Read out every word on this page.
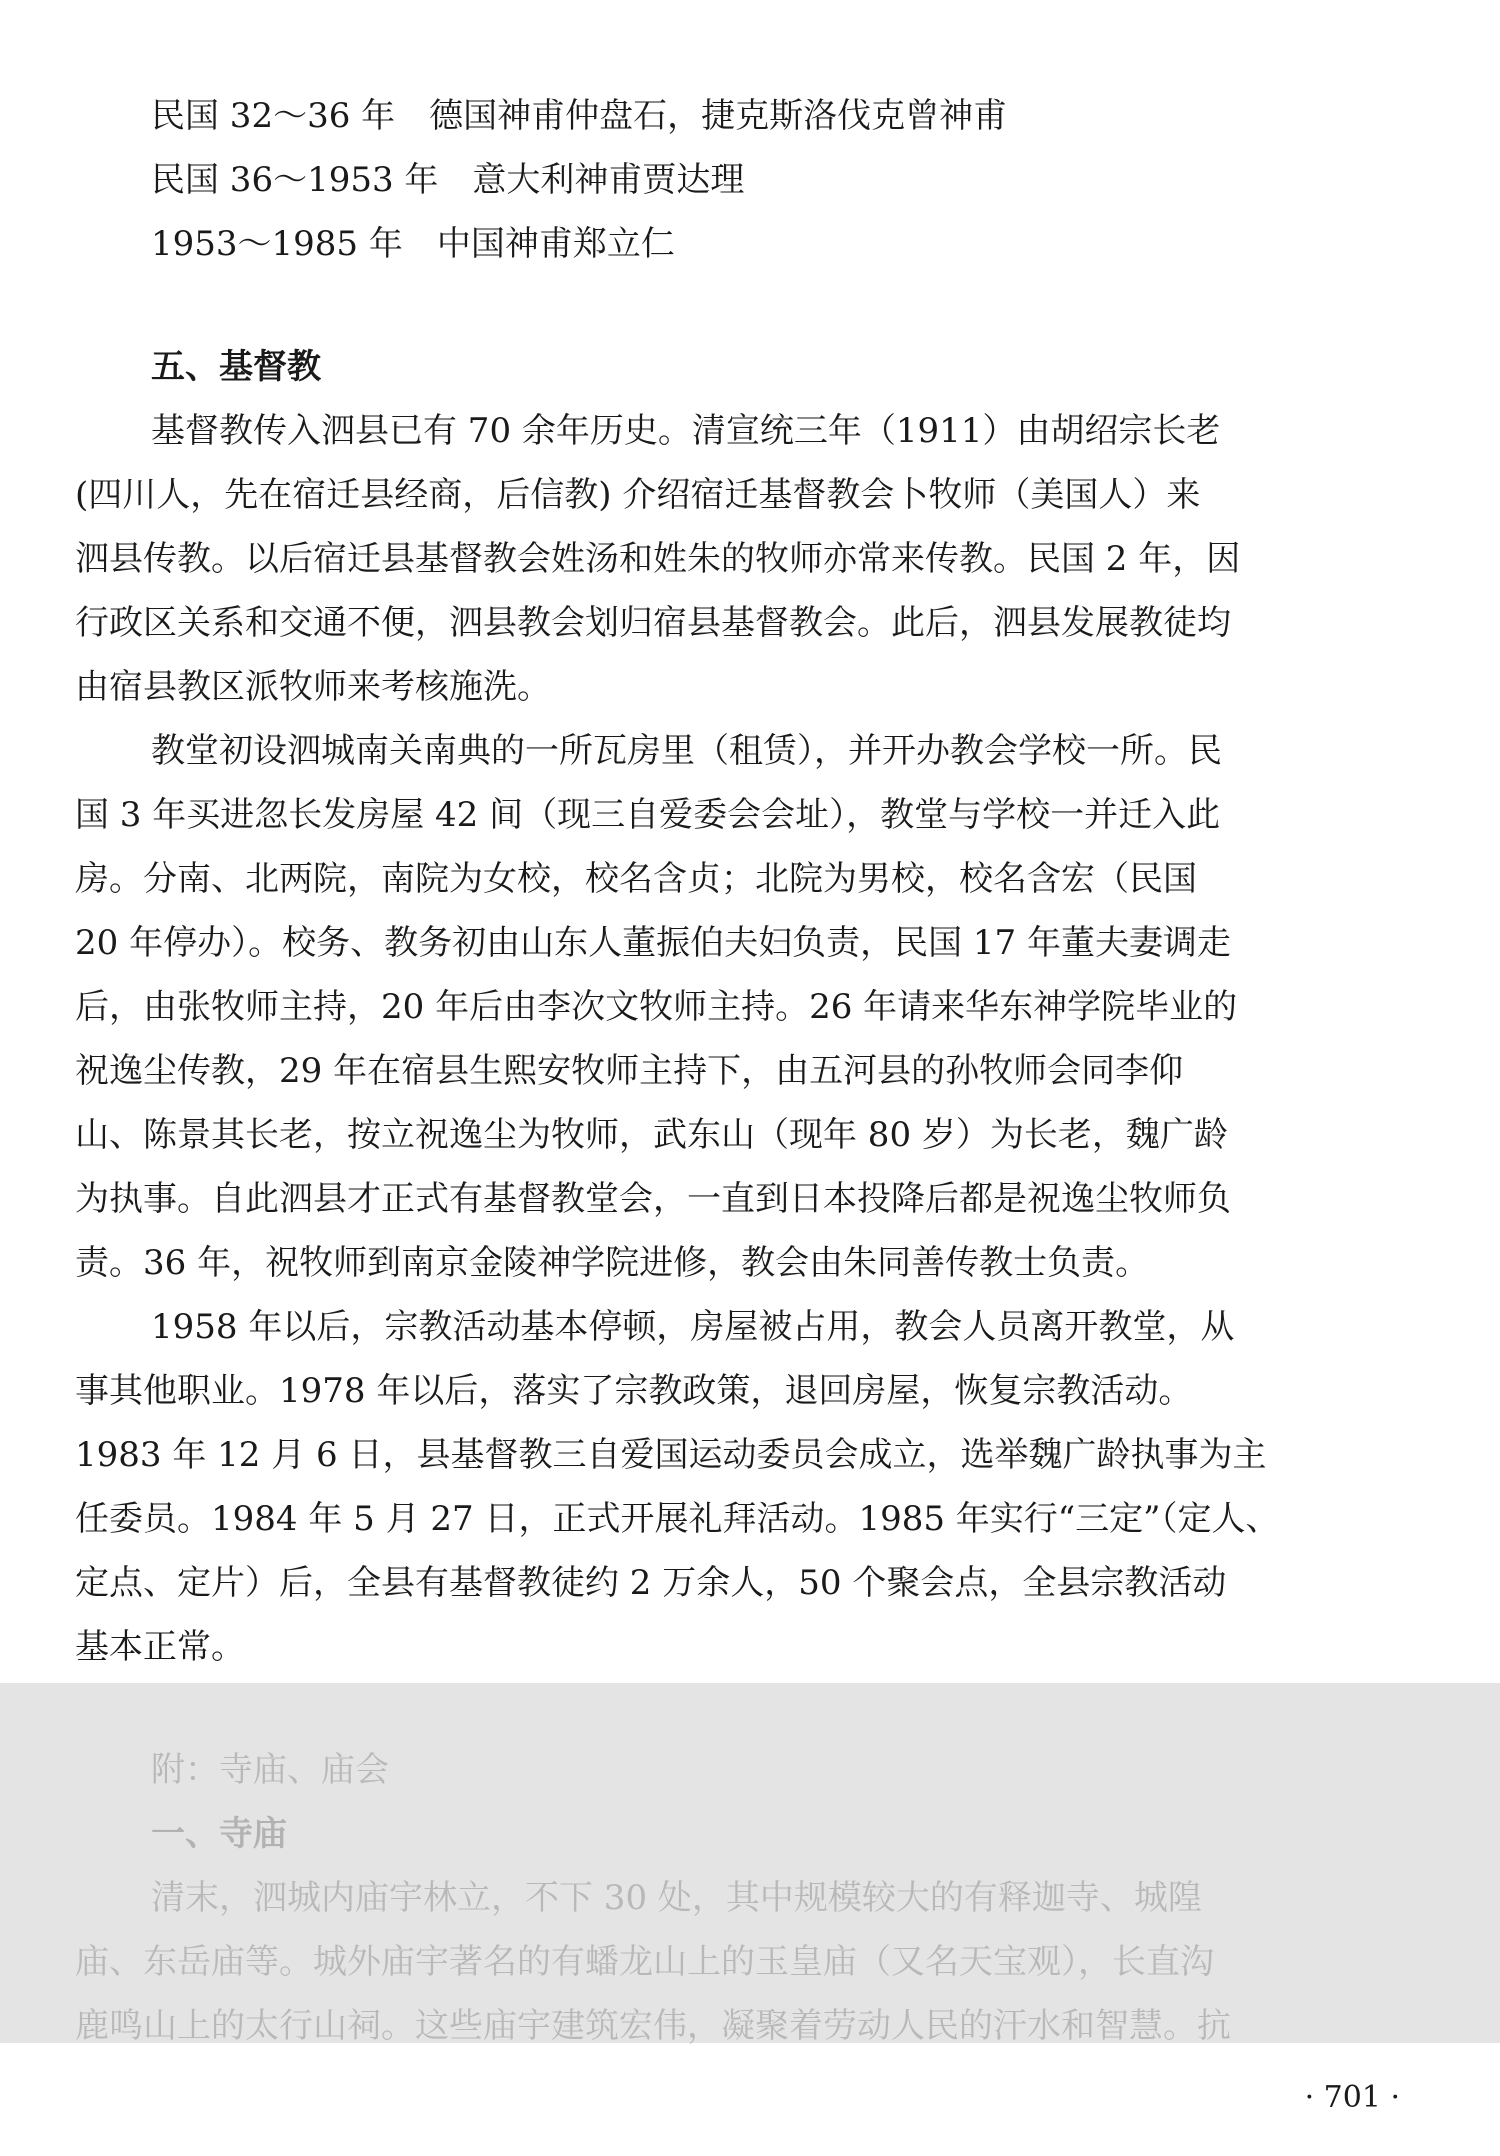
民国 32～36 年　德国神甫仲盘石，捷克斯洛伐克曾神甫
民国 36～1953 年　意大利神甫贾达理
1953～1985 年　中国神甫郑立仁
五、基督教
基督教传入泗县已有 70 余年历史。清宣统三年（1911）由胡绍宗长老
(四川人，先在宿迁县经商，后信教) 介绍宿迁基督教会卜牧师（美国人）来
泗县传教。以后宿迁县基督教会姓汤和姓朱的牧师亦常来传教。民国 2 年，因
行政区关系和交通不便，泗县教会划归宿县基督教会。此后，泗县发展教徒均
由宿县教区派牧师来考核施洗。
教堂初设泗城南关南典的一所瓦房里（租赁），并开办教会学校一所。民
国 3 年买进忽长发房屋 42 间（现三自爱委会会址），教堂与学校一并迁入此
房。分南、北两院，南院为女校，校名含贞；北院为男校，校名含宏（民国
20 年停办）。校务、教务初由山东人董振伯夫妇负责，民国 17 年董夫妻调走
后，由张牧师主持，20 年后由李次文牧师主持。26 年请来华东神学院毕业的
祝逸尘传教，29 年在宿县生熙安牧师主持下，由五河县的孙牧师会同李仰
山、陈景其长老，按立祝逸尘为牧师，武东山（现年 80 岁）为长老，魏广龄
为执事。自此泗县才正式有基督教堂会，一直到日本投降后都是祝逸尘牧师负
责。36 年，祝牧师到南京金陵神学院进修，教会由朱同善传教士负责。
1958 年以后，宗教活动基本停顿，房屋被占用，教会人员离开教堂，从
事其他职业。1978 年以后，落实了宗教政策，退回房屋，恢复宗教活动。
1983 年 12 月 6 日，县基督教三自爱国运动委员会成立，选举魏广龄执事为主
任委员。1984 年 5 月 27 日，正式开展礼拜活动。1985 年实行“三定”（定人、
定点、定片）后，全县有基督教徒约 2 万余人，50 个聚会点，全县宗教活动
基本正常。
附：寺庙、庙会
一、寺庙
清末，泗城内庙宇林立，不下 30 处，其中规模较大的有释迦寺、城隍
庙、东岳庙等。城外庙宇著名的有蟠龙山上的玉皇庙（又名天宝观），长直沟
鹿鸣山上的太行山祠。这些庙宇建筑宏伟，凝聚着劳动人民的汗水和智慧。抗
· 701 ·
